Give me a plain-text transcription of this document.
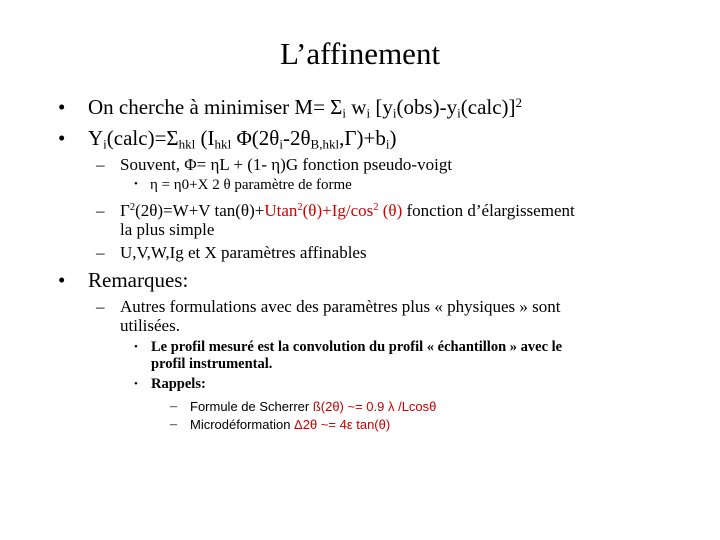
L’affinement
• On cherche à minimiser $M= \Sigma_i$ $w_i$ $[y_i(obs)-y_i(calc)]^2$
• $Y_i(calc)=\Sigma_{hkl}$ ($I_{hkl}$ $\Phi(2\theta_i-2\theta_{B,hkl},\Gamma)+b_i$)
– Souvent, Φ= ηL + (1- η)G fonction pseudo-voigt
• η = η0+X 2 θ paramètre de forme
– $\Gamma^2(2\theta)=W+V$ $\tan(\theta)+Utan^2(\theta)+Ig/\cos^2$ (θ) fonction d’élargissement
la plus simple
– U,V,W,Ig et X paramètres affinables
• Remarques:
– Autres formulations avec des paramètres plus « physiques » sont
utilisées.
• Le profil mesuré est la convolution du profil « échantillon » avec le
profil instrumental.
• Rappels:
– Formule de Scherrer ß(2θ) ~= 0.9 λ /Lcosθ
– Microdéformation Δ2θ ~= 4ε tan(θ)
